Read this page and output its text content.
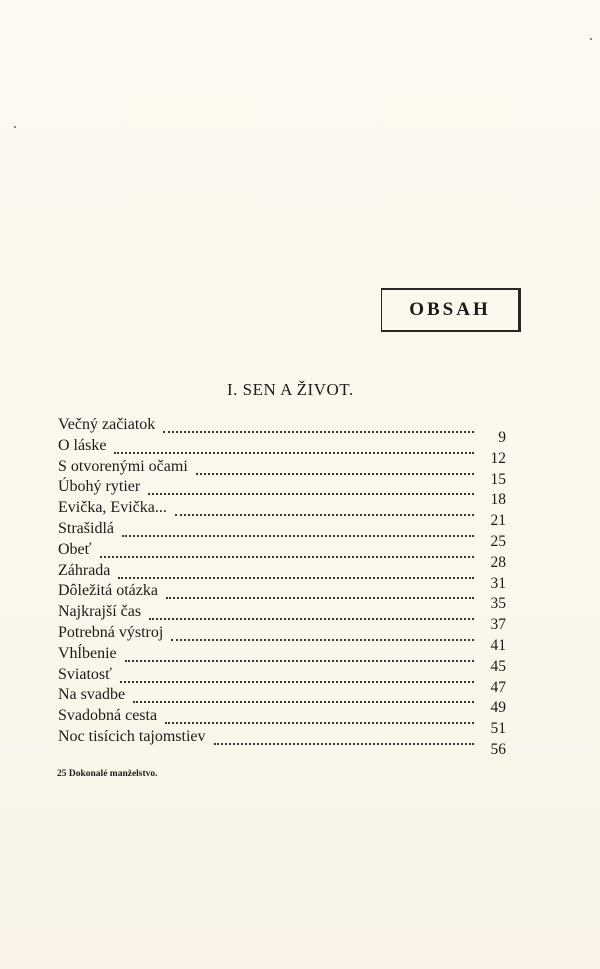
OBSAH
I. SEN A ŽIVOT.
Večný začiatok
9
O láske
12
S otvorenými očami
15
Úbohý rytier
18
Evička, Evička...
21
Strašidlá
25
Obeť
28
Záhrada
31
Dôležitá otázka
35
Najkrajší čas
37
Potrebná výstroj
41
Vhĺbenie
45
Sviatosť
47
Na svadbe
49
Svadobná cesta
51
Noc tisícich tajomstiev
56
25 Dokonalé manželstvo.
